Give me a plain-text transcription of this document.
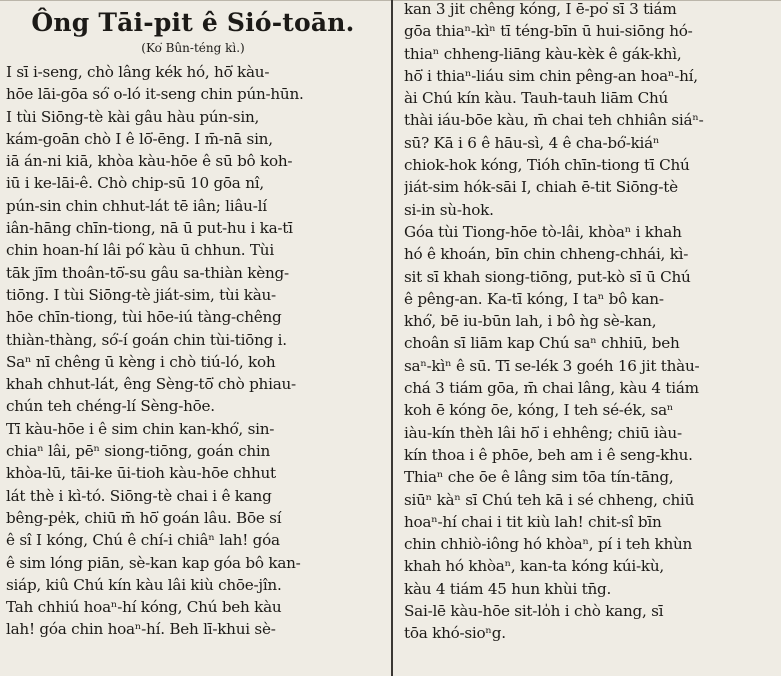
Ông Tāi-pit ê Sió-toān.
(Ko͘ Bûn-téng kì.)
I sī i-seng, chò lâng kék hó, hō͘ kàu-
hōe lāi-gōa só͘ o-ló it-seng chin pún-hūn.
I tùi Siōng-tè kài gâu hàu pún-sin,
kám-goān chò I ê lō͘-ēng. I m̄-nā sin,
iā án-ni kiā, khòa kàu-hōe ê sū bô koh-
iū i ke-lāi-ê. Chò chip-sū 10 gōa nî,
pún-sin chin chhut-lát tē iân; liâu-lí
iân-hāng chīn-tiong, nā ū put-hu i ka-tī
chin hoan-hí lâi pó͘ kàu ū chhun. Tùi
tāk jīm thoân-tō͘-su gâu sa-thiàn kèng-
tiōng. I tùi Siōng-tè jiát-sim, tùi kàu-
hōe chīn-tiong, tùi hōe-iú tàng-chêng
thiàn-thàng, só͘-í goán chin tùi-tiōng i.
Saⁿ nī chêng ū kèng i chò tiú-ló, koh
khah chhut-lát, êng Sèng-tō͘ chò phiau-
chún teh chéng-lí Sèng-hōe.
Tī kàu-hōe i ê sim chin kan-khó͘, sin-
chiaⁿ lâi, pēⁿ siong-tiōng, goán chin
khòa-lū, tāi-ke ūi-tioh kàu-hōe chhut
lát thè i kì-tó. Siōng-tè chai i ê kang
bêng-pe̍k, chiū m̄ hō͘ goán lâu. Bōe sí
ê sî I kóng, Chú ê chí-i chiâⁿ lah! góa
ê sim lóng piān, sè-kan kap góa bô kan-
siáp, kiû Chú kín kàu lâi kiù chōe-jîn.
Tah chhiú hoaⁿ-hí kóng, Chú beh kàu
lah! góa chin hoaⁿ-hí. Beh lī-khui sè-
kan 3 jit chêng kóng, I ē-po͘ sī 3 tiám
gōa thiaⁿ-kìⁿ tī téng-bīn ū hui-siōng hó-
thiaⁿ chheng-liāng kàu-kèk ê gák-khì,
hō͘ i thiaⁿ-liáu sim chin pêng-an hoaⁿ-hí,
ài Chú kín kàu. Tauh-tauh liām Chú
thài iáu-bōe kàu, m̄ chai teh chhiân siáⁿ-
sū? Kā i 6 ê hāu-sì, 4 ê cha-bó͘-kiáⁿ
chiok-hok kóng, Tióh chīn-tiong tī Chú
jiát-sim hók-sāi I, chiah ē-tit Siōng-tè
si-in sù-hok.
Góa tùi Tiong-hōe tò-lâi, khòaⁿ i khah
hó ê khoán, bīn chin chheng-chhái, kì-
sit sī khah siong-tiōng, put-kò sī ū Chú
ê pêng-an. Ka-tī kóng, I taⁿ bô kan-
khó͘, bē iu-būn lah, i bô ǹg sè-kan,
choân sī liām kap Chú saⁿ chhiū, beh
saⁿ-kìⁿ ê sū. Tī se-lék 3 goéh 16 jit thàu-
chá 3 tiám gōa, m̄ chai lâng, kàu 4 tiám
koh ē kóng ōe, kóng, I teh sé-ék, saⁿ
iàu-kín thèh lâi hō͘ i ehhêng; chiū iàu-
kín thoa i ê phōe, beh am i ê seng-khu.
Thiaⁿ che ōe ê lâng sim tōa tín-tāng,
siūⁿ kàⁿ sī Chú teh kā i sé chheng, chiū
hoaⁿ-hí chai i tit kiù lah! chit-sî bīn
chin chhiò-iông hó khòaⁿ, pí i teh khùn
khah hó khòaⁿ, kan-ta kóng kúi-kù,
kàu 4 tiám 45 hun khùi tn̄g.
Sai-lē kàu-hōe sit-lo̍h i chò kang, sī
tōa khó-sioⁿg.
